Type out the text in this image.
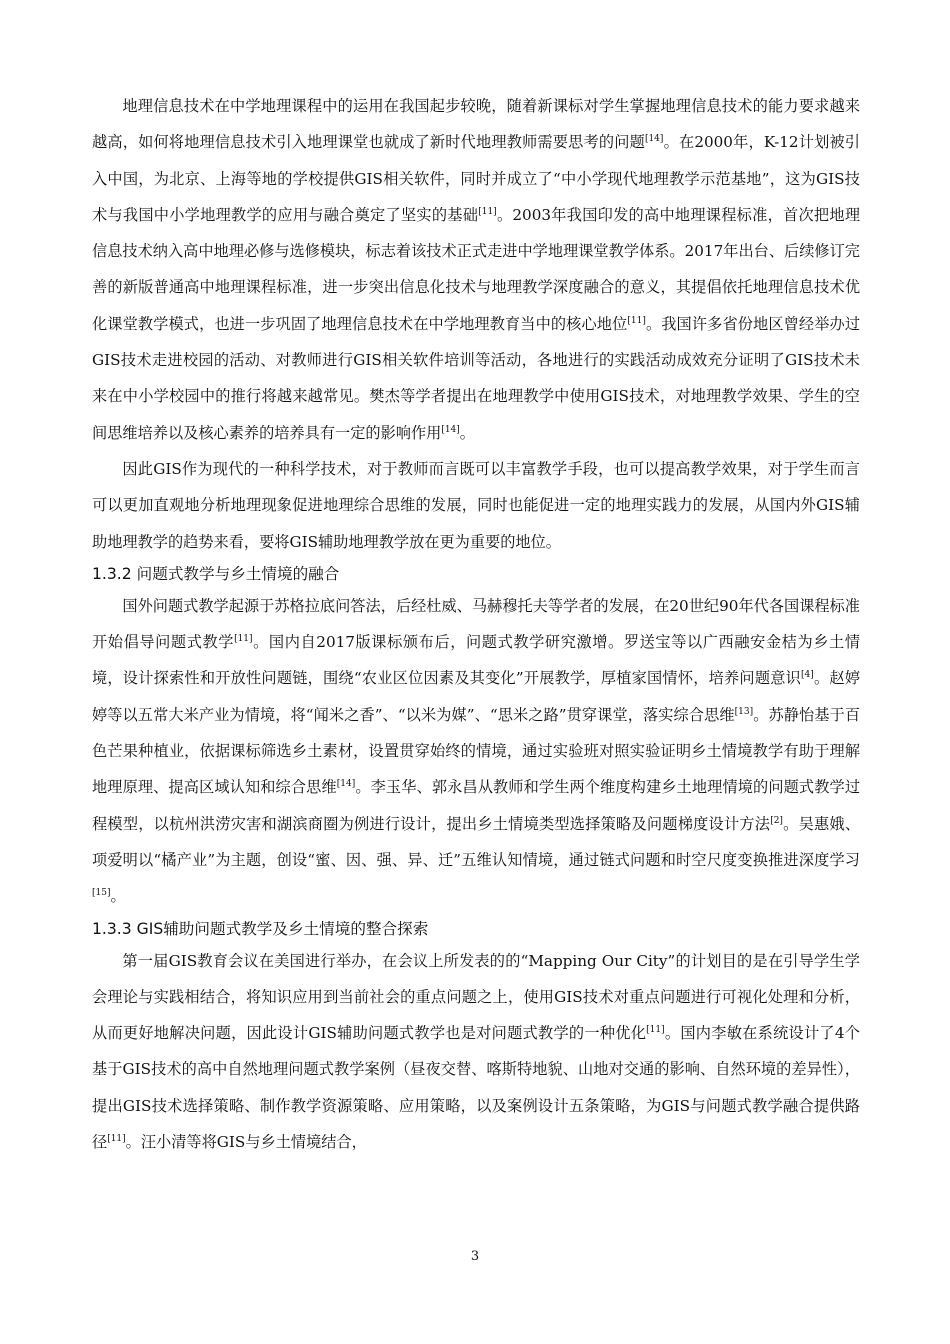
地理信息技术在中学地理课程中的运用在我国起步较晚，随着新课标对学生掌握地理信息技术的能力要求越来越高，如何将地理信息技术引入地理课堂也就成了新时代地理教师需要思考的问题[14]。在2000年，K-12计划被引入中国，为北京、上海等地的学校提供GIS相关软件，同时并成立了“中小学现代地理教学示范基地”，这为GIS技术与我国中小学地理教学的应用与融合奠定了坚实的基础[11]。2003年我国印发的高中地理课程标准，首次把地理信息技术纳入高中地理必修与选修模块，标志着该技术正式走进中学地理课堂教学体系。2017年出台、后续修订完善的新版普通高中地理课程标准，进一步突出信息化技术与地理教学深度融合的意义，其提倡依托地理信息技术优化课堂教学模式，也进一步巩固了地理信息技术在中学地理教育当中的核心地位[11]。我国许多省份地区曾经举办过GIS技术走进校园的活动、对教师进行GIS相关软件培训等活动，各地进行的实践活动成效充分证明了GIS技术未来在中小学校园中的推行将越来越常见。樊杰等学者提出在地理教学中使用GIS技术，对地理教学效果、学生的空间思维培养以及核心素养的培养具有一定的影响作用[14]。

因此GIS作为现代的一种科学技术，对于教师而言既可以丰富教学手段，也可以提高教学效果，对于学生而言可以更加直观地分析地理现象促进地理综合思维的发展，同时也能促进一定的地理实践力的发展，从国内外GIS辅助地理教学的趋势来看，要将GIS辅助地理教学放在更为重要的地位。

1.3.2 问题式教学与乡土情境的融合

国外问题式教学起源于苏格拉底问答法，后经杜威、马赫穆托夫等学者的发展，在20世纪90年代各国课程标准开始倡导问题式教学[11]。国内自2017版课标颁布后，问题式教学研究激增。罗送宝等以广西融安金桔为乡土情境，设计探索性和开放性问题链，围绕“农业区位因素及其变化”开展教学，厚植家国情怀，培养问题意识[4]。赵婷婷等以五常大米产业为情境，将“闻米之香”、“以米为媒”、“思米之路”贯穿课堂，落实综合思维[13]。苏静怡基于百色芒果种植业，依据课标筛选乡土素材，设置贯穿始终的情境，通过实验班对照实验证明乡土情境教学有助于理解地理原理、提高区域认知和综合思维[14]。李玉华、郭永昌从教师和学生两个维度构建乡土地理情境的问题式教学过程模型，以杭州洪涝灾害和湖滨商圈为例进行设计，提出乡土情境类型选择策略及问题梯度设计方法[2]。吴惠娥、项爱明以“橘产业”为主题，创设“蜜、因、强、异、迁”五维认知情境，通过链式问题和时空尺度变换推进深度学习[15]。

1.3.3 GIS辅助问题式教学及乡土情境的整合探索

第一届GIS教育会议在美国进行举办，在会议上所发表的的“Mapping Our City”的计划目的是在引导学生学会理论与实践相结合，将知识应用到当前社会的重点问题之上，使用GIS技术对重点问题进行可视化处理和分析，从而更好地解决问题，因此设计GIS辅助问题式教学也是对问题式教学的一种优化[11]。国内李敏在系统设计了4个基于GIS技术的高中自然地理问题式教学案例（昼夜交替、喀斯特地貌、山地对交通的影响、自然环境的差异性），提出GIS技术选择策略、制作教学资源策略、应用策略，以及案例设计五条策略，为GIS与问题式教学融合提供路径[11]。汪小清等将GIS与乡土情境结合，

3
